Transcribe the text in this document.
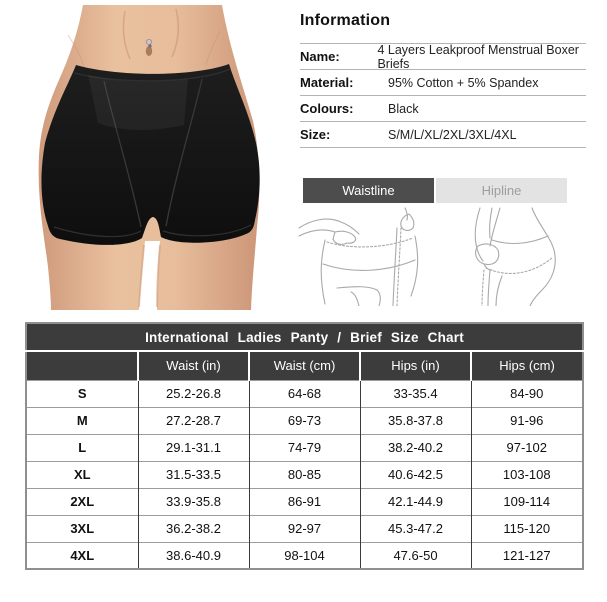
Information
Name:	4 Layers Leakproof Menstrual Boxer Briefs
Material:	95% Cotton + 5% Spandex
Colours:	Black
Size:	S/M/L/XL/2XL/3XL/4XL
Waistline	Hipline
International Ladies Panty / Brief Size Chart				
	Waist (in)	Waist (cm)	Hips (in)	Hips (cm)
S	25.2-26.8	64-68	33-35.4	84-90
M	27.2-28.7	69-73	35.8-37.8	91-96
L	29.1-31.1	74-79	38.2-40.2	97-102
XL	31.5-33.5	80-85	40.6-42.5	103-108
2XL	33.9-35.8	86-91	42.1-44.9	109-114
3XL	36.2-38.2	92-97	45.3-47.2	115-120
4XL	38.6-40.9	98-104	47.6-50	121-127
